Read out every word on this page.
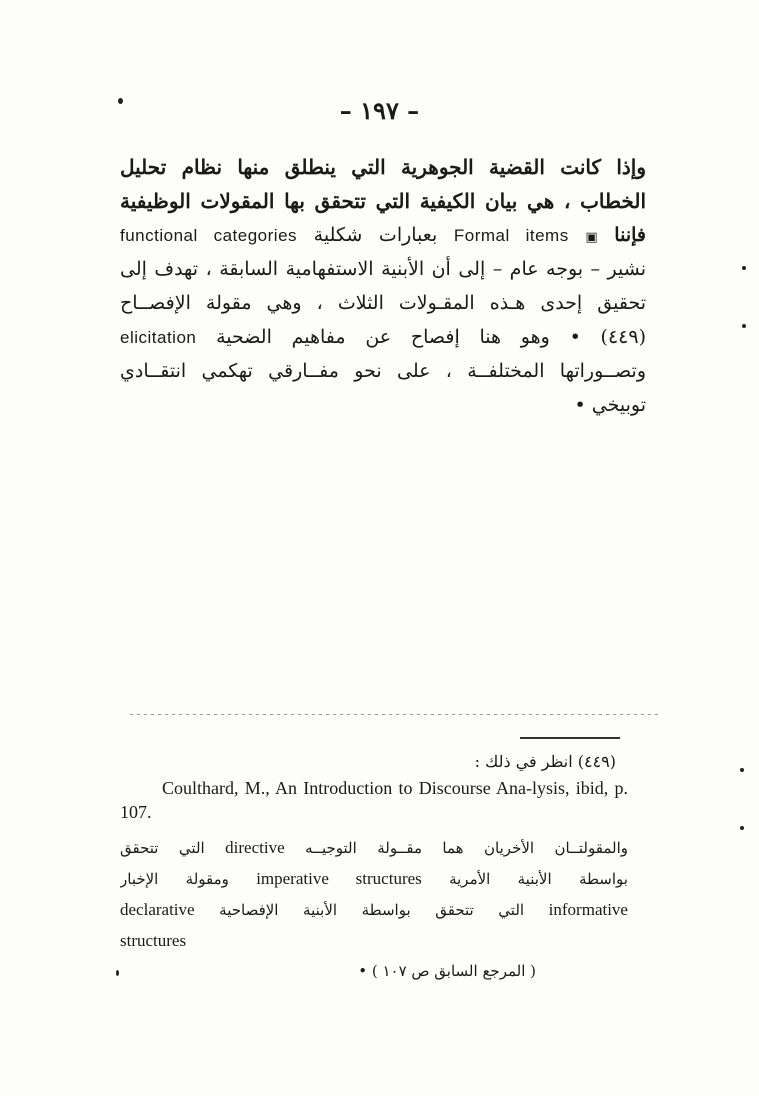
– ١٩٧ –
وإذا كانت القضية الجوهرية التي ينطلق منها نظام تحليل
الخطاب ، هي بيان الكيفية التي تتحقق بها المقولات الوظيفية
فإننا ▣ Formal items بعبارات شكلية functional categories
نشير – بوجه عام – إلى أن الأبنية الاستفهامية السابقة ، تهدف إلى
تحقيق إحدى هـذه المقـولات الثلاث ، وهي مقولة الإفصــاح
(٤٤٩) • وهو هنا إفصاح عن مفاهيم الضحية elicitation
وتصــوراتها المختلفــة ، على نحو مفــارقي تهكمي انتقــادي
توبيخي •
(٤٤٩) انظر في ذلك :
Coulthard, M., An Introduction to Discourse Ana-lysis, ibid, p. 107.
والمقولتــان الأخريان هما مقــولة التوجيــه directive التي تتحقق
بواسطة الأبنية الأمرية imperative structures ومقولة الإخبار
informative التي تتحقق بواسطة الأبنية الإفصاحية declarative
structures
( المرجع السابق ص ١٠٧ ) •
